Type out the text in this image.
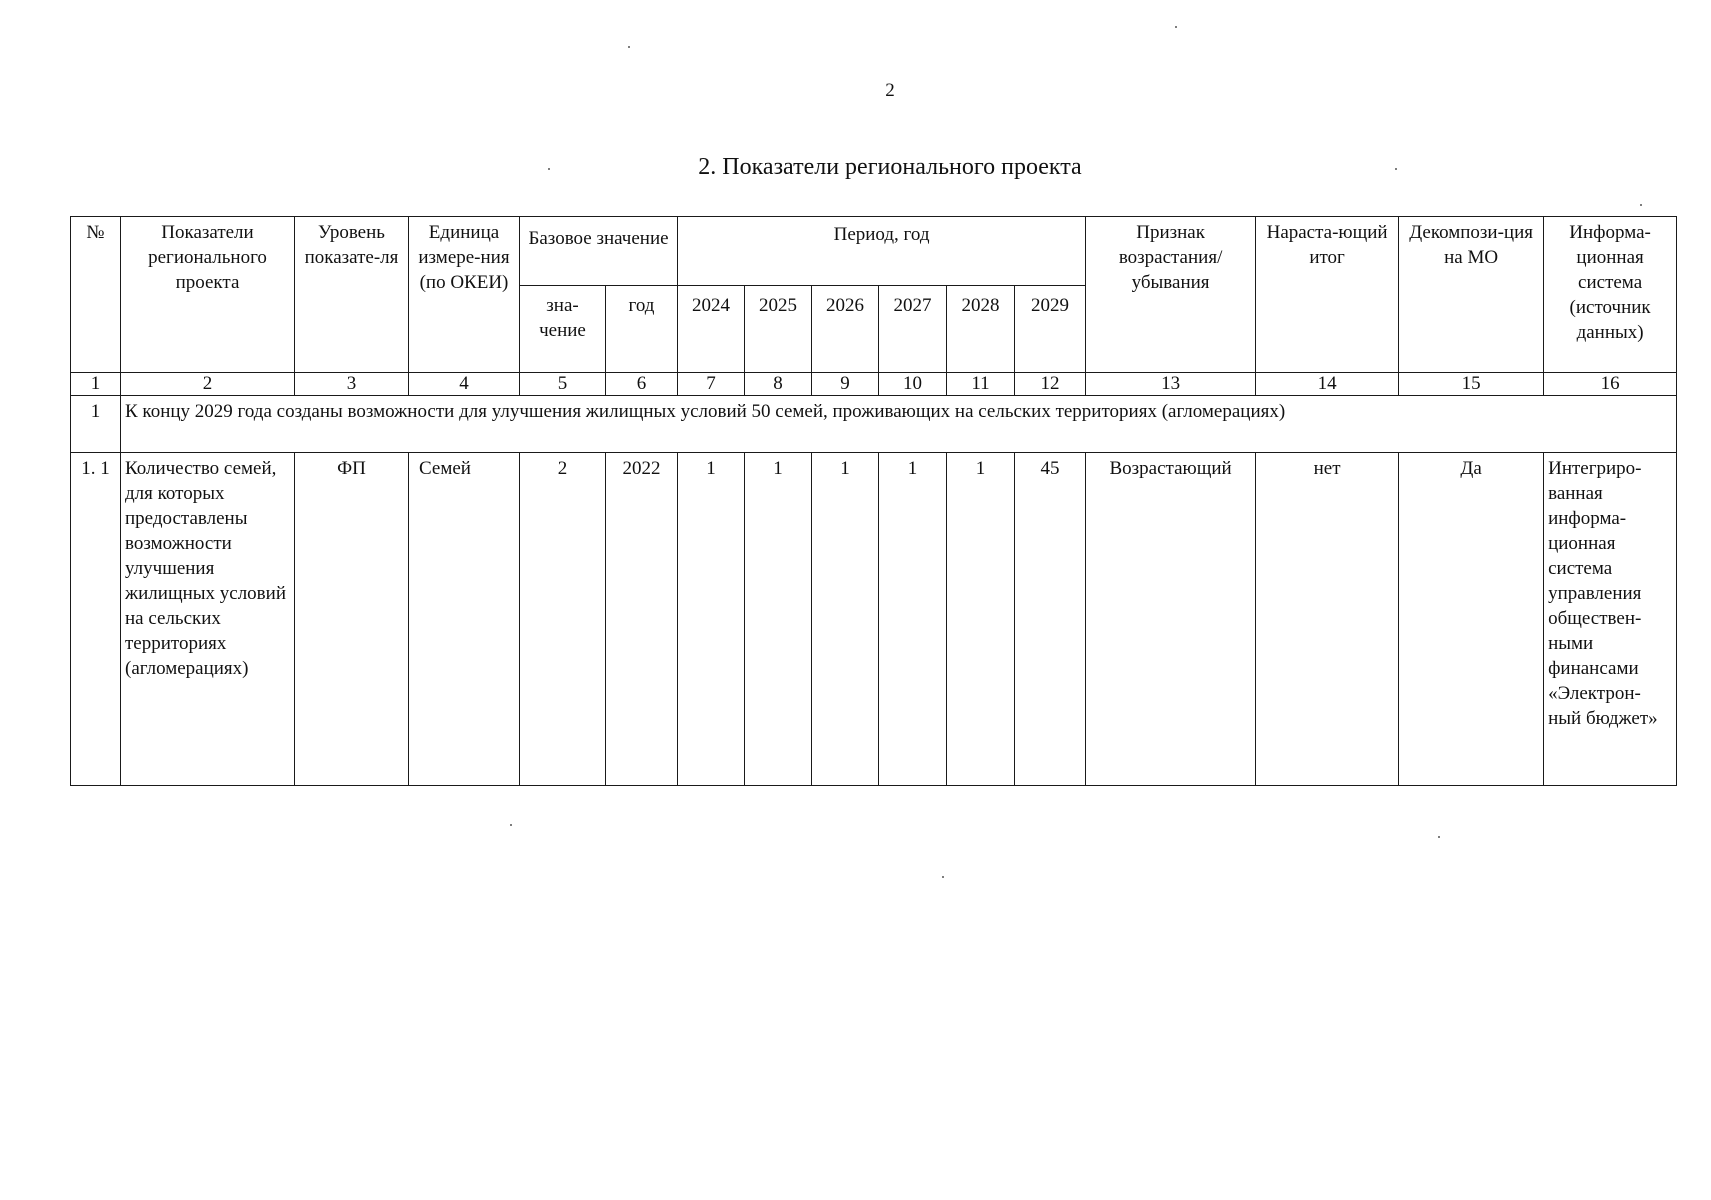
2
2. Показатели регионального проекта
№	Показатели регионального проекта	Уровень показате-ля	Единица измере-ния (по ОКЕИ)	Базовое значение		Период, год						Признак возрастания/ убывания	Нараста-ющий итог	Декомпози-ция на МО	Информа-ционная система (источник данных)
				зна-чение	год	2024	2025	2026	2027	2028	2029				
1	2	3	4	5	6	7	8	9	10	11	12	13	14	15	16
1	К концу 2029 года созданы возможности для улучшения жилищных условий 50 семей, проживающих на сельских территориях (агломерациях)														
1. 1	Количество семей, для которых предоставлены возможности улучшения жилищных условий на сельских территориях (агломерациях)	ФП	Семей	2	2022	1	1	1	1	1	45	Возрастающий	нет	Да	Интегриро-ванная информа-ционная система управления обществен-ными финансами «Электрон-ный бюджет»
